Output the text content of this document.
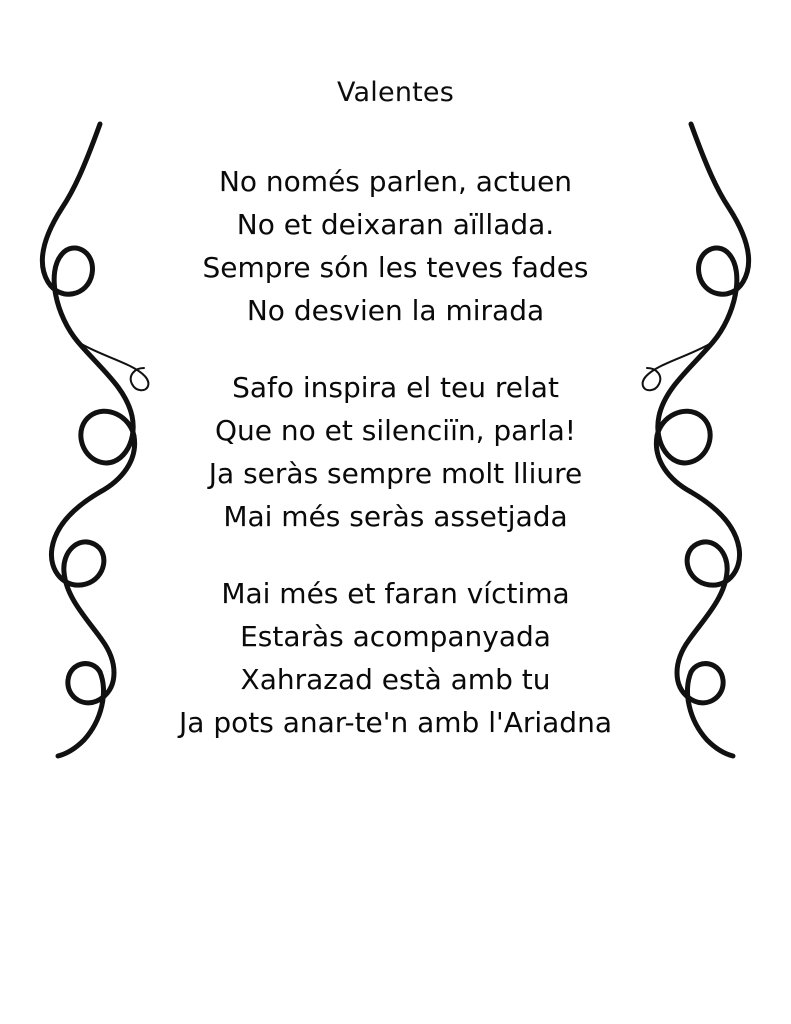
Valentes
No només parlen, actuen
No et deixaran aïllada.
Sempre són les teves fades
No desvien la mirada
Safo inspira el teu relat
Que no et silenciïn, parla!
Ja seràs sempre molt lliure
Mai més seràs assetjada
Mai més et faran víctima
Estaràs acompanyada
Xahrazad està amb tu
Ja pots anar-te'n amb l'Ariadna
